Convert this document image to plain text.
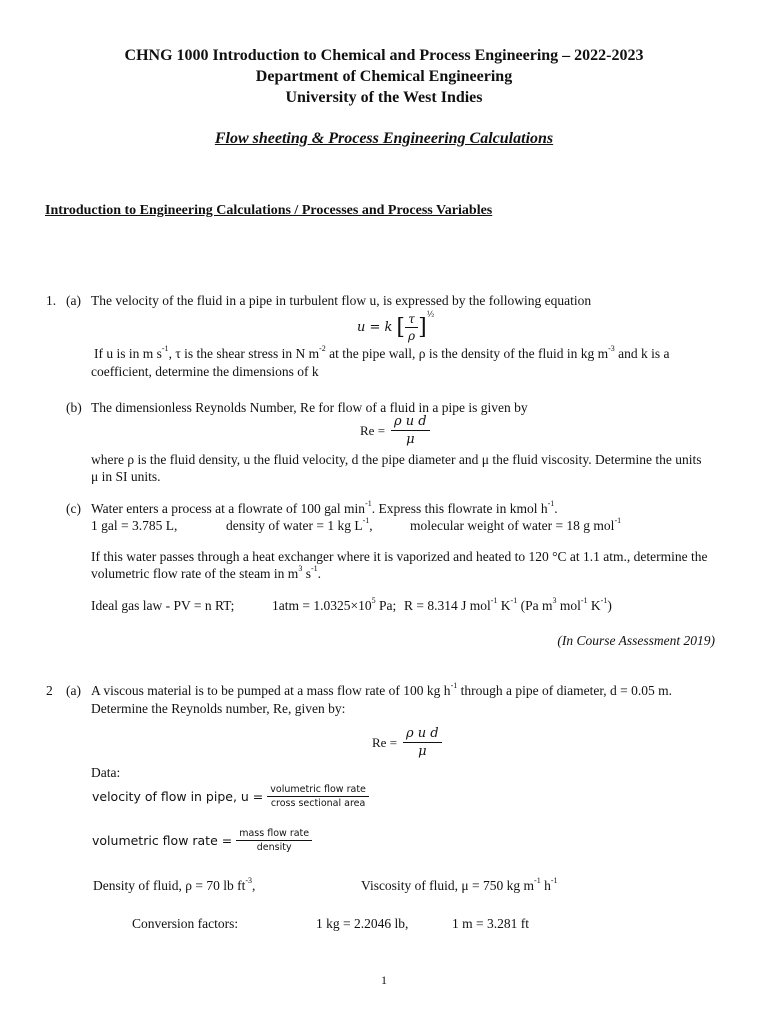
CHNG 1000 Introduction to Chemical and Process Engineering – 2022-2023
Department of Chemical Engineering
University of the West Indies
Flow sheeting & Process Engineering Calculations
Introduction to Engineering Calculations / Processes and Process Variables
1. (a) The velocity of the fluid in a pipe in turbulent flow u, is expressed by the following equation
u = k [ $\frac{\tau}{\rho}$ ]
½
If u is in m $s^{-1}$, τ is the shear stress in N $m^{-2}$ at the pipe wall, ρ is the density of the fluid in kg $m^{-3}$ and k is a
coefficient, determine the dimensions of k
(b) The dimensionless Reynolds Number, Re for flow of a fluid in a pipe is given by
$Re = \frac{\text{ρ u d}}{\mu}$
where ρ is the fluid density, u the fluid velocity, d the pipe diameter and μ the fluid viscosity. Determine the units
μ in SI units.
(c) Water enters a process at a flowrate of 100 gal $\min^{-1}$. Express this flowrate in kmol $h^{-1}$.
1 gal = 3.785 L,	density of water = 1 kg $L^{-1}$,	molecular weight of water = 18 g mol$^{-1}$
If this water passes through a heat exchanger where it is vaporized and heated to 120 °C at 1.1 atm., determine the
volumetric flow rate of the steam in $m^3$ $s^{-1}$.
Ideal gas law - PV = n RT;	$1atm = 1.0325\times 10^5$ Pa; R = 8.314 J mol$^{-1}$ $K^{-1}$ (Pa $m^3$ mol$^{-1}$ $K^{-1}$)
(In Course Assessment 2019)
2 (a) A viscous material is to be pumped at a mass flow rate of 100 kg $h^{-1}$ through a pipe of diameter, d = 0.05 m.
Determine the Reynolds number, Re, given by:
$Re = \frac{\text{ρ u d}}{\mu}$
Data:
velocity of flow in pipe, $u = \frac{\text{volumetric flow rate}}{\text{cross sectional area}}$
volumetric flow rate = $\frac{\text{mass flow rate}}{\text{density}}$
Density of fluid, ρ = 70 lb $ft^{-3}$,	Viscosity of fluid, μ = 750 kg $m^{-1}$ $h^{-1}$
Conversion factors:	1 kg = 2.2046 lb,	1 m = 3.281 ft
1
